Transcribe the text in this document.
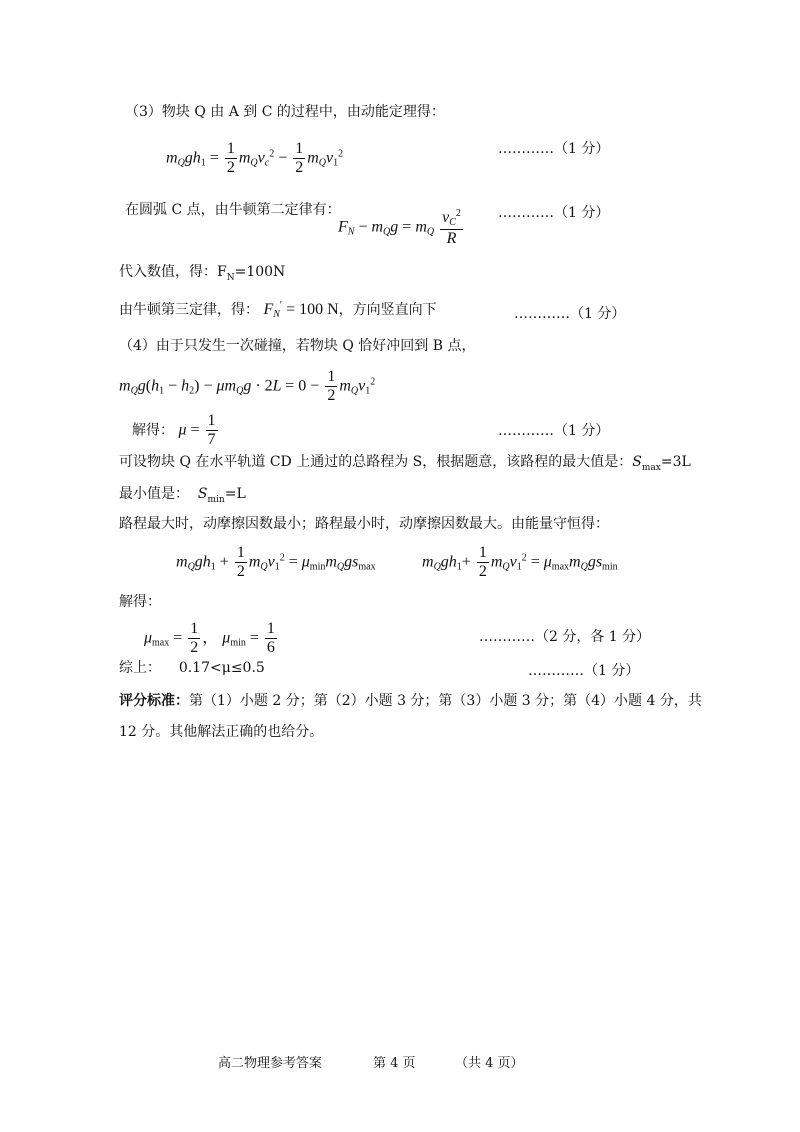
（3）物块 Q 由 A 到 C 的过程中，由动能定理得：
$m_Qgh_1 = \frac{1}{2} m_Qv_c^2 - \frac{1}{2} m_Qv_1^2$	…………（1 分）
在圆弧 C 点，由牛顿第二定律有：	…………（1 分）
$F_N - m_Qg = m_Q \frac{v_C^2}{R}$
代入数值，得：$F_N=100N$
由牛顿第三定律，得： $F_N' = 100$ N，方向竖直向下	…………（1 分）
（4）由于只发生一次碰撞，若物块 Q 恰好冲回到 B 点，
$m_Qg(h_1 - h_2) - \mu m_Qg \cdot 2L = 0 - \frac{1}{2} m_Qv_1^2$
解得： $\mu = \frac{1}{7}$	…………（1 分）
可设物块 Q 在水平轨道 CD 上通过的总路程为 S，根据题意，该路程的最大值是：$S_{max}=3L$
最小值是： $S_{min}=L$
路程最大时，动摩擦因数最小；路程最小时，动摩擦因数最大。由能量守恒得：
$m_Qgh_1 + \frac{1}{2} m_Qv_1^2 = \mu_{min}m_Qgs_{max}$	$m_Qgh_1+ \frac{1}{2} m_Qv_1^2 = \mu_{max}m_Qgs_{min}$
解得：
$\mu_{max} = \frac{1}{2}$ ， $\mu_{min} = \frac{1}{6}$	…………（2 分，各 1 分）
综上： 0.17<μ≤0.5	…………（1 分）
评分标准：第（1）小题 2 分；第（2）小题 3 分；第（3）小题 3 分；第（4）小题 4 分，共
12 分。其他解法正确的也给分。
高二物理参考答案	第 4 页	（共 4 页）
